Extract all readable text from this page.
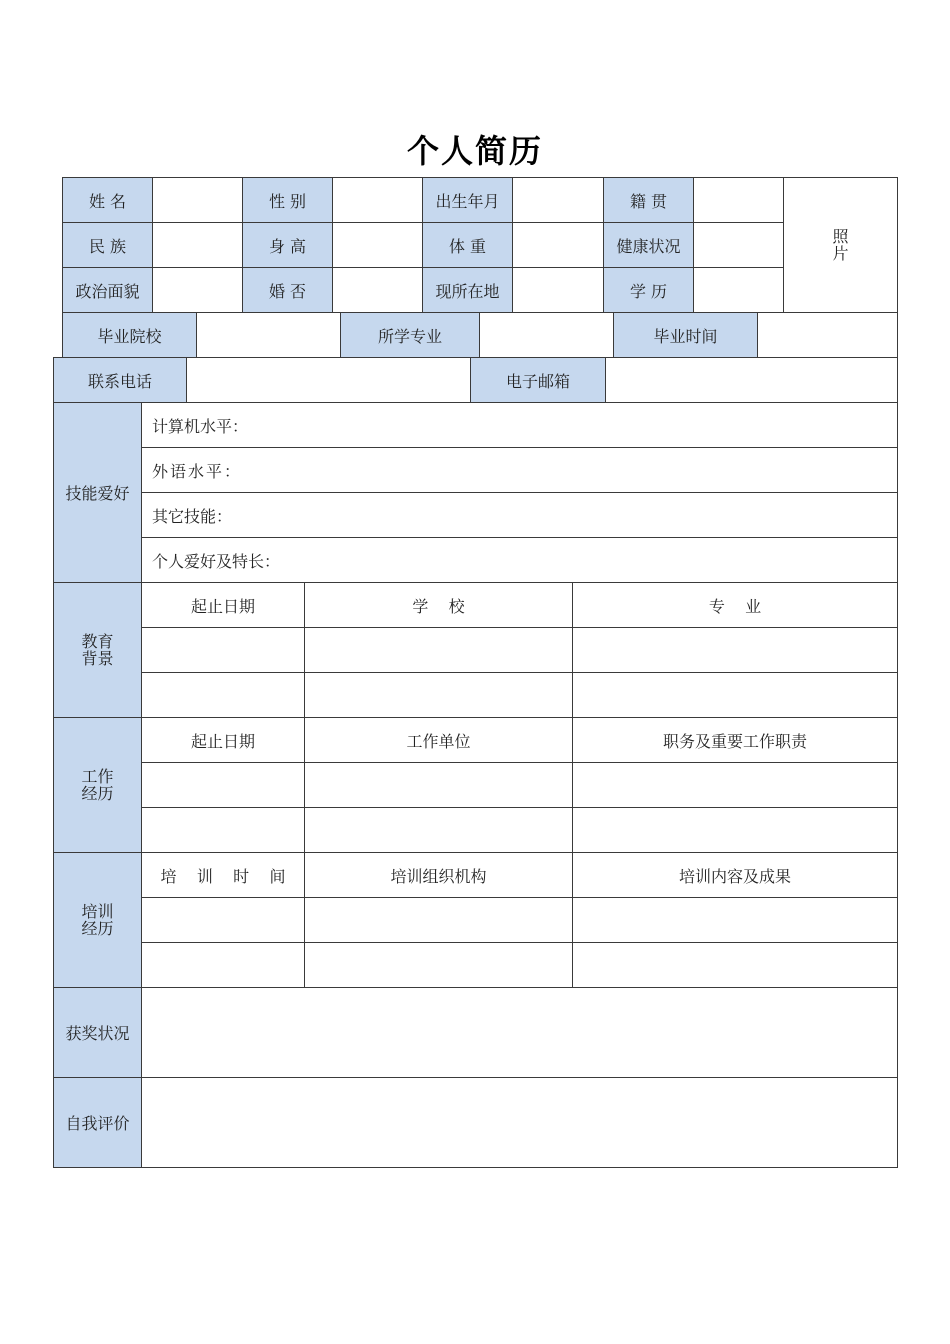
个人简历
姓 名		性 别		出生年月		籍 贯		照
片

民 族		身 高		体 重		健康状况		
政治面貌		婚 否		现所在地		学 历		
毕业院校		所学专业		毕业时间	
联系电话		电子邮箱	
技能爱好	计算机水平：		
	外语水平：		
	其它技能：		
	个人爱好及特长：		

教育
背景	起止日期	学    校	专    业

工作
经历	起止日期	工作单位	职务及重要工作职责

培训
经历	培    训    时    间	培训组织机构	培训内容及成果

获奖状况			
自我评价			
